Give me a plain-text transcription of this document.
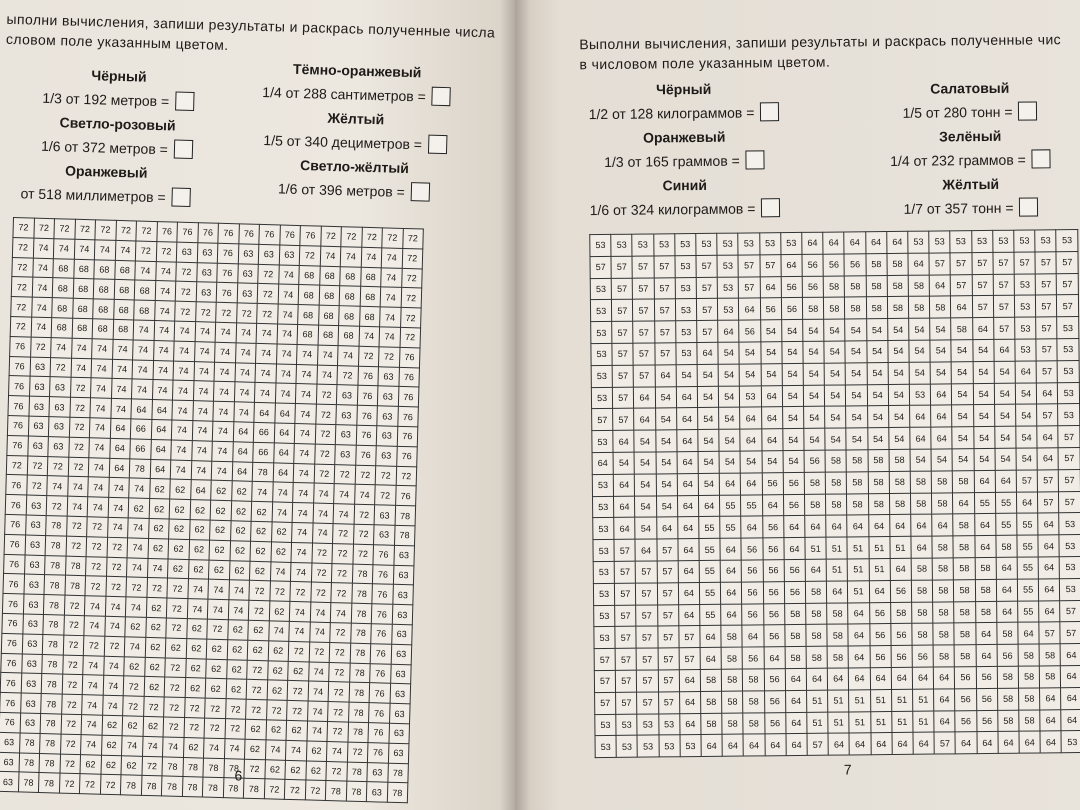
ыполни вычисления, запиши результаты и раскрась полученные числа
словом поле указанным цветом.
Чёрный
1/3 от 192 метров =
Светло-розовый
1/6 от 372 метров =
Оранжевый
от 518 миллиметров =
Тёмно-оранжевый
1/4 от 288 сантиметров =
Жёлтый
1/5 от 340 дециметров =
Светло-жёлтый
1/6 от 396 метров =
72	72	72	72	72	72	72	76	76	76	76	76	76	76	76	72	72	72	72	72
72	74	74	74	74	74	72	72	63	63	76	63	63	63	72	74	74	74	74	72
72	74	68	68	68	68	74	74	72	63	76	63	72	74	68	68	68	68	74	72
72	74	68	68	68	68	68	74	72	63	76	63	72	74	68	68	68	68	74	72
72	74	68	68	68	68	68	74	72	72	72	72	72	74	68	68	68	68	74	72
72	74	68	68	68	68	74	74	74	74	74	74	74	74	68	68	68	74	74	72
76	72	74	74	74	74	74	74	74	74	74	74	74	74	74	74	74	72	72	76
76	63	72	74	74	74	74	74	74	74	74	74	74	74	74	74	72	76	63	76
76	63	63	72	74	74	74	74	74	74	74	74	74	74	74	72	63	76	63	76
76	63	63	72	74	74	64	64	74	74	74	74	64	64	74	72	63	76	63	76
76	63	63	72	74	64	66	64	74	74	74	64	66	64	74	72	63	76	63	76
76	63	63	72	74	64	66	64	74	74	74	64	66	64	74	72	63	76	63	76
72	72	72	72	74	64	78	64	74	74	74	64	78	64	74	72	72	72	72	72
76	72	74	74	74	74	74	62	62	64	62	62	74	74	74	74	74	74	72	76
76	63	72	74	74	74	62	62	62	62	62	62	62	74	74	74	74	72	63	78
76	63	78	72	72	74	74	62	62	62	62	62	62	62	74	74	72	72	63	78
76	63	78	72	72	72	74	62	62	62	62	62	62	62	74	72	72	72	76	63
76	63	78	78	72	72	74	74	62	62	62	62	62	74	74	72	72	78	76	63
76	63	78	78	72	72	72	72	72	74	74	74	72	72	72	72	72	78	76	63
76	63	78	72	74	74	74	62	72	74	74	74	72	62	74	74	74	78	76	63
76	63	78	72	74	74	62	62	72	62	72	62	62	74	74	74	72	78	76	63
76	63	78	72	72	72	74	62	62	62	62	62	62	62	72	72	72	78	76	63
76	63	78	72	74	74	62	62	72	62	62	62	72	62	62	74	72	78	76	63
76	63	78	72	74	74	72	62	72	62	62	62	72	62	72	74	72	78	76	63
76	63	78	72	74	74	72	72	72	72	72	72	72	72	72	74	72	78	76	63
76	63	78	72	74	62	62	62	72	72	72	72	62	62	62	74	72	78	76	63
63	78	78	72	74	62	74	74	74	62	74	74	62	74	74	62	74	72	76	63
63	78	78	72	62	62	62	72	78	78	78	78	72	62	62	62	72	78	63	78
63	78	78	72	72	72	78	78	78	78	78	78	78	72	72	72	78	78	63	78
6
Выполни вычисления, запиши результаты и раскрась полученные чис
в числовом поле указанным цветом.
Чёрный
1/2 от 128 килограммов =
Оранжевый
1/3 от 165 граммов =
Синий
1/6 от 324 килограммов =
Салатовый
1/5 от 280 тонн =
Зелёный
1/4 от 232 граммов =
Жёлтый
1/7 от 357 тонн =
53	53	53	53	53	53	53	53	53	53	64	64	64	64	64	53	53	53	53	53	53	53	53
57	57	57	57	53	57	53	57	57	64	56	56	56	58	58	64	57	57	57	57	57	57	57
53	57	57	57	53	57	53	57	64	56	56	58	58	58	58	58	64	57	57	57	53	57	57
53	57	57	57	53	57	53	64	56	56	58	58	58	58	58	58	58	64	57	57	53	57	57
53	57	57	57	53	57	64	56	54	54	54	54	54	54	54	54	54	58	64	57	53	57	53
53	57	57	57	53	64	54	54	54	54	54	54	54	54	54	54	54	54	54	64	53	57	53
53	57	57	64	54	54	54	54	54	54	54	54	54	54	54	54	54	54	54	54	64	57	53
53	57	64	54	64	54	54	53	64	54	54	54	54	54	54	53	64	54	54	54	54	64	53
57	57	64	54	64	54	54	64	64	54	54	54	54	54	54	64	64	54	54	54	54	57	53
53	64	54	54	64	54	54	64	64	54	54	54	54	54	54	64	64	54	54	54	54	64	57
64	54	54	54	64	54	54	54	54	54	56	58	58	58	58	54	54	54	54	54	54	64	57
53	64	54	54	64	54	64	64	56	56	58	58	58	58	58	58	58	58	64	64	57	57	57
53	64	54	54	64	64	55	55	64	56	58	58	58	58	58	58	58	64	55	55	64	57	57
53	64	54	64	64	55	55	64	56	64	64	64	64	64	64	64	64	58	64	55	55	64	53
53	57	64	57	64	55	64	56	56	64	51	51	51	51	51	64	58	58	64	58	55	64	53
53	57	57	57	64	55	64	56	56	56	64	51	51	51	64	58	58	58	58	64	55	64	53
53	57	57	57	64	55	64	56	56	56	58	64	51	64	56	58	58	58	58	64	55	64	53
53	57	57	57	64	55	64	56	56	58	58	58	64	56	58	58	58	58	58	64	55	64	57
53	57	57	57	57	64	58	64	56	58	58	58	64	56	56	58	58	58	64	58	64	57	57
57	57	57	57	57	64	58	56	64	58	58	58	64	56	56	56	58	58	64	56	58	58	64
57	57	57	57	64	58	58	58	56	64	64	64	64	64	64	64	64	56	56	58	58	58	64
57	57	57	57	64	58	58	58	56	64	51	51	51	51	51	51	64	56	56	58	58	64	64
53	53	53	53	64	58	58	58	56	64	51	51	51	51	51	51	64	56	56	58	58	64	64
53	53	53	53	53	64	64	64	64	64	57	64	64	64	64	64	57	64	64	64	64	64	53
7
